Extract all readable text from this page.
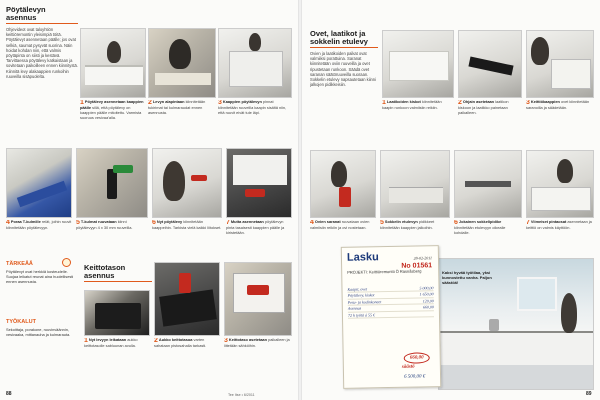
Pöytälevyn
asennus
Ohjevideot ovat taloyhtiön keittiöremontin yleisimpiä töitä. Pöytälevyt asennetaan päälle; jos ovat selkiä, saumat pysyvät suorina. Näin hoidat kohdan niin, että valmis pöytäpinta on siisti ja kestävä. Tarvittaessa pöytälevy katkaistaan ja sovitetaan paikoilleen ennen kiinnitystä. Kiinnitä levy alakaappien runkoihin ruuveilla sisäpuolelta.
1Pöytälevy asennetaan kaappien päälle sillä, että pöytälevy on kaappien päälle mitoitettu. Varmista suoruus vesivaa'alla.
2Levyn alapintaan kiinnitetään tukirimat tai kulmaraudat ennen asennusta.
3Kaappien pöytälevyn pinnat kiinnitetään ruuveilla kaapin sisältä niin, että ruuvit eivät tule läpi.
4Poraa T-kulmille reiät, joihin ruuvit kiinnitetään pöytälevyyn.
5T-kulmat ruuvataan kiinni pöytälevyyn 4 x 30 mm ruuveilla.
6Nyt pöytälevy kiinnitetään kaappeihin. Tarkista vielä kaikki liitokset.
7Mutta asennetaan pöytälevyn pinta tasaisesti kaappien päälle ja kiristetään.
TÄRKEÄÄ
Pöytälevyt ovat herkkiä kosteudelle. Suojaa leikatut reunat aina huolellisesti ennen asennusta.
TYÖKALUT
Sekoittaja, porakone, ruuvinväännin, vesivaaka, mittanauha ja kulmarauta.
Keittotason
asennus
1Nyt levyyn leikataan aukko keittotasolle sabluunan avulla.
2Aukko keittotasoa varten sahataan pistosahalla tarkasti.
3Keittotaso asetetaan paikalleen ja liitetään sähköihin.
88	Tee Itse • 6/2011
Ovet, laatikot ja
sokkelin etulevy
Ovien ja laatikoiden paikat ovat valmiiksi porattuina. Saranat kiinnitetään oviin ruuveilla ja ovet ripustetaan runkoon. Säädä ovet saranan säätöruuveilla suoraan. Sokkelin etulevy napsautetaan kiinni jalkojen pidikkeisiin.
1Laatikoiden kiskot kiinnitetään kaapin runkoon valmiisiin reikiin.
2Ohjain asetetaan laatikon kiskoon ja laatikko painetaan paikalleen.
3Keittiökaappien ovet kiinnitetään saranoilla ja säädetään.
4Ovien saranat ruuvataan ovien valmiisiin reikiin ja ovi nostetaan.
5Sokkelin etulevyn pidikkeet kiinnitetään kaappien jalkoihin.
6Jokainen sokkelipidike kiinnitetään etulevyyn oikealle kohdalle.
7Viimeiset pintaosat asennetaan ja keittiö on valmis käyttöön.
Lasku	28-02-2011
No 01561
PROJEKTI: Keittiöremontti Ö Rasnåsberg
Kaapit, ovet	5 000,00
Pöytälevy, kiskot	1 650,00
Pesu- ja kodinkoneet	120,00
Asennus	660,00
72 h työtä á 55 €
660,00
säästö
6 500,00 €
Kaksi hyvää työtilaa, yksi kunnostettu vanha. Paljon säästöä!
89
